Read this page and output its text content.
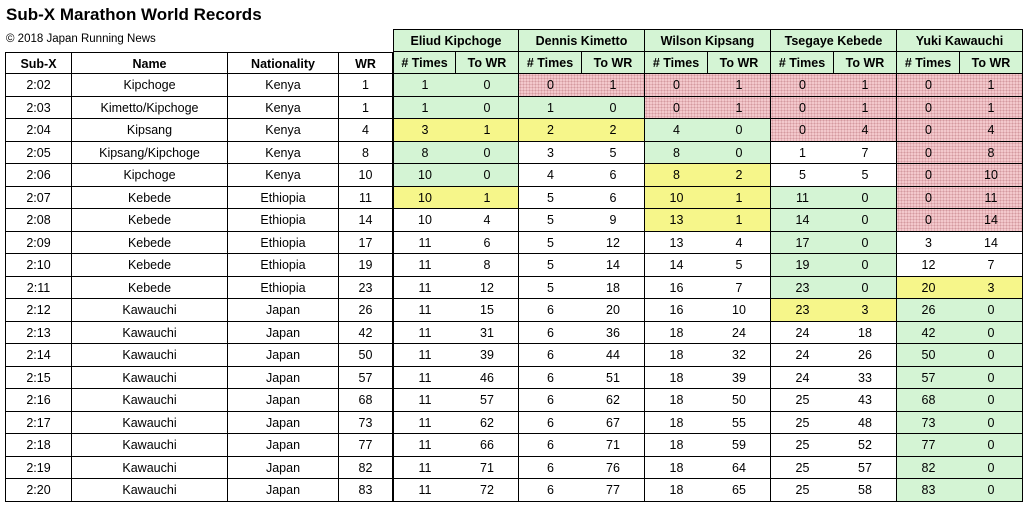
Sub-X Marathon World Records
© 2018 Japan Running News	Eliud Kipchoge	Dennis Kimetto	Wilson Kipsang	Tsegaye Kebede	Yuki Kawauchi
Sub-X	Name	Nationality	WR	# Times	To WR	# Times	To WR	# Times	To WR	# Times	To WR	# Times	To WR
2:02	Kipchoge	Kenya	1	1	0	0	1	0	1	0	1	0	1
2:03	Kimetto/Kipchoge	Kenya	1	1	0	1	0	0	1	0	1	0	1
2:04	Kipsang	Kenya	4	3	1	2	2	4	0	0	4	0	4
2:05	Kipsang/Kipchoge	Kenya	8	8	0	3	5	8	0	1	7	0	8
2:06	Kipchoge	Kenya	10	10	0	4	6	8	2	5	5	0	10
2:07	Kebede	Ethiopia	11	10	1	5	6	10	1	11	0	0	11
2:08	Kebede	Ethiopia	14	10	4	5	9	13	1	14	0	0	14
2:09	Kebede	Ethiopia	17	11	6	5	12	13	4	17	0	3	14
2:10	Kebede	Ethiopia	19	11	8	5	14	14	5	19	0	12	7
2:11	Kebede	Ethiopia	23	11	12	5	18	16	7	23	0	20	3
2:12	Kawauchi	Japan	26	11	15	6	20	16	10	23	3	26	0
2:13	Kawauchi	Japan	42	11	31	6	36	18	24	24	18	42	0
2:14	Kawauchi	Japan	50	11	39	6	44	18	32	24	26	50	0
2:15	Kawauchi	Japan	57	11	46	6	51	18	39	24	33	57	0
2:16	Kawauchi	Japan	68	11	57	6	62	18	50	25	43	68	0
2:17	Kawauchi	Japan	73	11	62	6	67	18	55	25	48	73	0
2:18	Kawauchi	Japan	77	11	66	6	71	18	59	25	52	77	0
2:19	Kawauchi	Japan	82	11	71	6	76	18	64	25	57	82	0
2:20	Kawauchi	Japan	83	11	72	6	77	18	65	25	58	83	0
